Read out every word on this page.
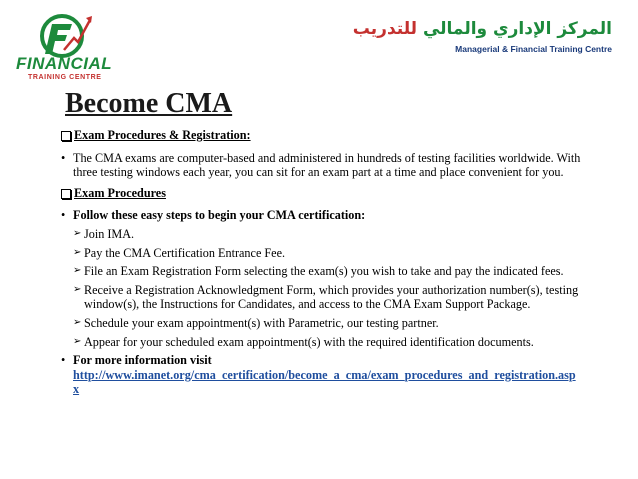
FINANCIAL
TRAINING CENTRE
المركز الإداري والمالي للتدريب
Managerial & Financial Training Centre
Become CMA
Exam Procedures & Registration:
• The CMA exams are computer-based and administered in hundreds of testing facilities worldwide. With three testing windows each year, you can sit for an exam part at a time and place convenient for you.
Exam Procedures
• Follow these easy steps to begin your CMA certification:
➢ Join IMA.
➢ Pay the CMA Certification Entrance Fee.
➢ File an Exam Registration Form selecting the exam(s) you wish to take and pay the indicated fees.
➢ Receive a Registration Acknowledgment Form, which provides your authorization number(s), testing window(s), the Instructions for Candidates, and access to the CMA Exam Support Package.
➢ Schedule your exam appointment(s) with Parametric, our testing partner.
➢ Appear for your scheduled exam appointment(s) with the required identification documents.
• For more information visit
http://www.imanet.org/cma_certification/become_a_cma/exam_procedures_and_registration.aspx
